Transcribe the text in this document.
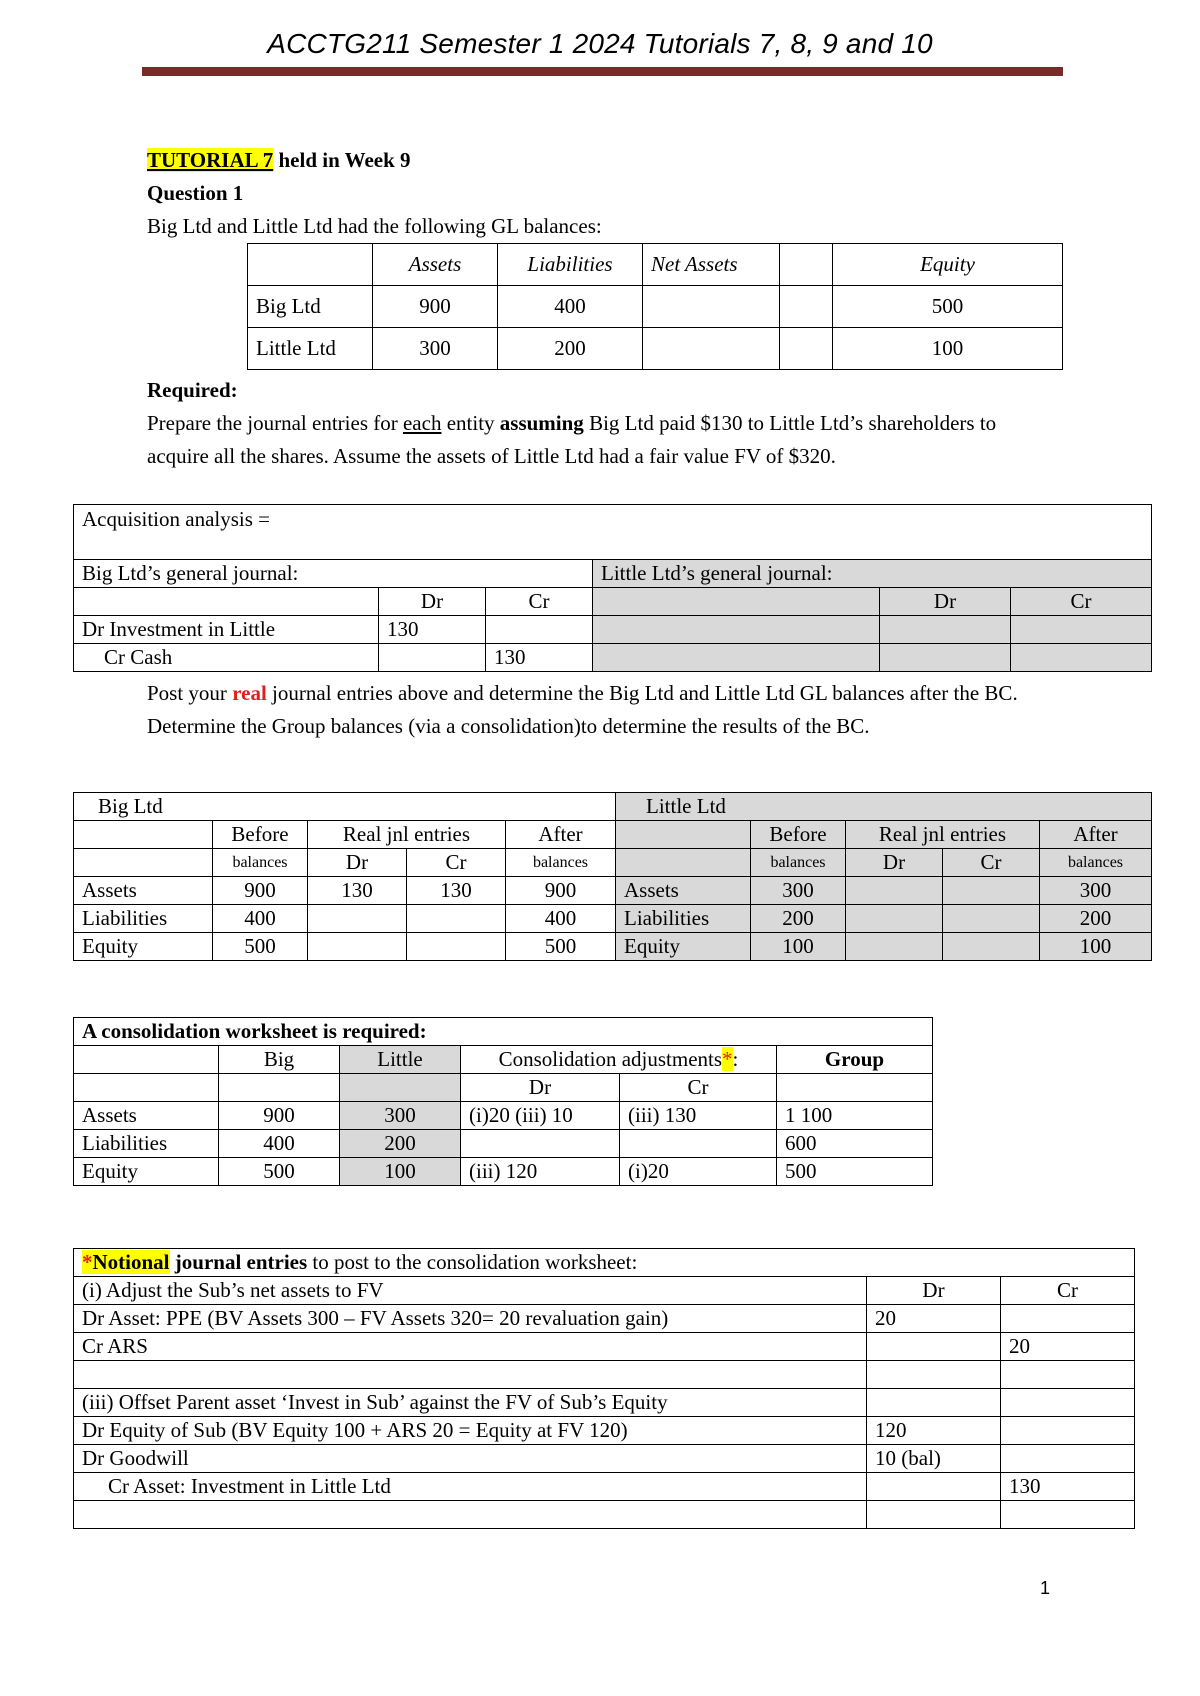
ACCTG211 Semester 1 2024 Tutorials 7, 8, 9 and 10
TUTORIAL 7 held in Week 9
Question 1
Big Ltd and Little Ltd had the following GL balances:
	Assets	Liabilities	Net Assets		Equity
Big Ltd	900	400			500
Little Ltd	300	200			100
Required:
Prepare the journal entries for each entity assuming Big Ltd paid $130 to Little Ltd’s shareholders to acquire all the shares. Assume the assets of Little Ltd had a fair value FV of $320.
Acquisition analysis =					
Big Ltd’s general journal:			Little Ltd’s general journal:		
	Dr	Cr		Dr	Cr
Dr Investment in Little	130				
Cr Cash		130			
Post your real journal entries above and determine the Big Ltd and Little Ltd GL balances after the BC. Determine the Group balances (via a consolidation)to determine the results of the BC.
Big Ltd					Little Ltd				
	Before	Real jnl entries		After		Before	Real jnl entries		After
	balances	Dr	Cr	balances		balances	Dr	Cr	balances
Assets	900	130	130	900	Assets	300			300
Liabilities	400			400	Liabilities	200			200
Equity	500			500	Equity	100			100
A consolidation worksheet is required:					
	Big	Little	Consolidation adjustments*:		Group
			Dr	Cr	
Assets	900	300	(i)20 (iii) 10	(iii) 130	1 100
Liabilities	400	200			600
Equity	500	100	(iii) 120	(i)20	500
*Notional journal entries to post to the consolidation worksheet:		
(i) Adjust the Sub’s net assets to FV	Dr	Cr
Dr Asset: PPE (BV Assets 300 – FV Assets 320= 20 revaluation gain)	20	
Cr ARS		20

(iii) Offset Parent asset ‘Invest in Sub’ against the FV of Sub’s Equity		
Dr Equity of Sub (BV Equity 100 + ARS 20 = Equity at FV 120)	120	
Dr Goodwill	10 (bal)	
Cr Asset: Investment in Little Ltd		130

1
